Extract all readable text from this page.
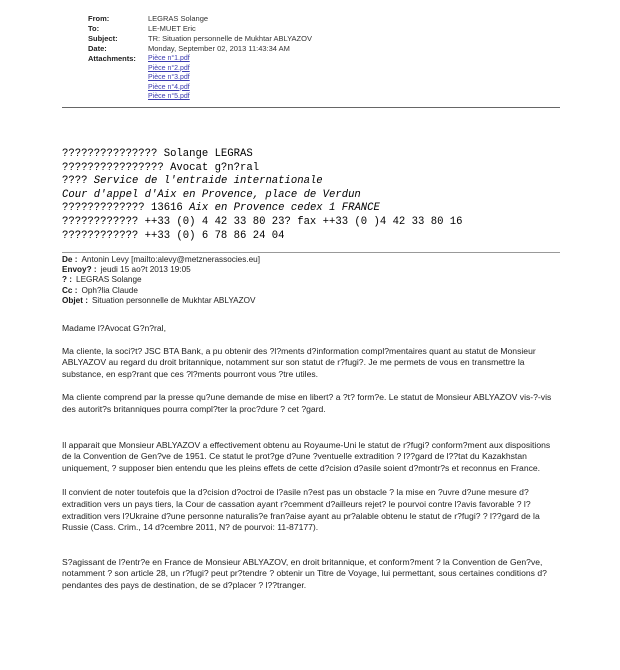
From:	LEGRAS Solange
To:	LE-MUET Eric
Subject:	TR: Situation personnelle de Mukhtar ABLYAZOV
Date:	Monday, September 02, 2013 11:43:34 AM
Attachments:	Pièce n°1.pdf
Pièce n°2.pdf
Pièce n°3.pdf
Pièce n°4.pdf
Pièce n°5.pdf
??????????????? Solange LEGRAS
???????????????? Avocat g?n?ral
???? Service de l'entraide internationale
Cour d'appel d'Aix en Provence, place de Verdun
????????????? 13616 Aix en Provence cedex 1 FRANCE
???????????? ++33 (0) 4 42 33 80 23? fax ++33 (0 )4 42 33 80 16
???????????? ++33 (0) 6 78 86 24 04
De : Antonin Levy [mailto:alevy@metznerassocies.eu]
Envoy? : jeudi 15 ao?t 2013 19:05
? : LEGRAS Solange
Cc : Oph?lia Claude
Objet : Situation personnelle de Mukhtar ABLYAZOV

Madame l?Avocat G?n?ral,

Ma cliente, la soci?t? JSC BTA Bank, a pu obtenir des ?l?ments d?information compl?mentaires quant au statut de Monsieur ABLYAZOV au regard du droit britannique, notamment sur son statut de r?fugi?. Je me permets de vous en transmettre la substance, en esp?rant que ces ?l?ments pourront vous ?tre utiles.

Ma cliente comprend par la presse qu?une demande de mise en libert? a ?t? form?e. Le statut de Monsieur ABLYAZOV vis-?-vis des autorit?s britanniques pourra compl?ter la proc?dure ? cet ?gard.

Il apparait que Monsieur ABLYAZOV a effectivement obtenu au Royaume-Uni le statut de r?fugi? conform?ment aux dispositions de la Convention de Gen?ve de 1951. Ce statut le prot?ge d?une ?ventuelle extradition ? l??gard de l??tat du Kazakhstan uniquement, ? supposer bien entendu que les pleins effets de cette d?cision d?asile soient d?montr?s et reconnus en France.

Il convient de noter toutefois que la d?cision d?octroi de l?asile n?est pas un obstacle ? la mise en ?uvre d?une mesure d?extradition vers un pays tiers, la Cour de cassation ayant r?cemment d?ailleurs rejet? le pourvoi contre l?avis favorable ? l?extradition vers l?Ukraine d?une personne naturalis?e fran?aise ayant au pr?alable obtenu le statut de r?fugi? ? l??gard de la Russie (Cass. Crim., 14 d?cembre 2011, N? de pourvoi: 11-87177).

S?agissant de l?entr?e en France de Monsieur ABLYAZOV, en droit britannique, et conform?ment ? la Convention de Gen?ve, notamment ? son article 28, un r?fugi? peut pr?tendre ? obtenir un Titre de Voyage, lui permettant, sous certaines conditions d?pendantes des pays de destination, de se d?placer ? l??tranger.
